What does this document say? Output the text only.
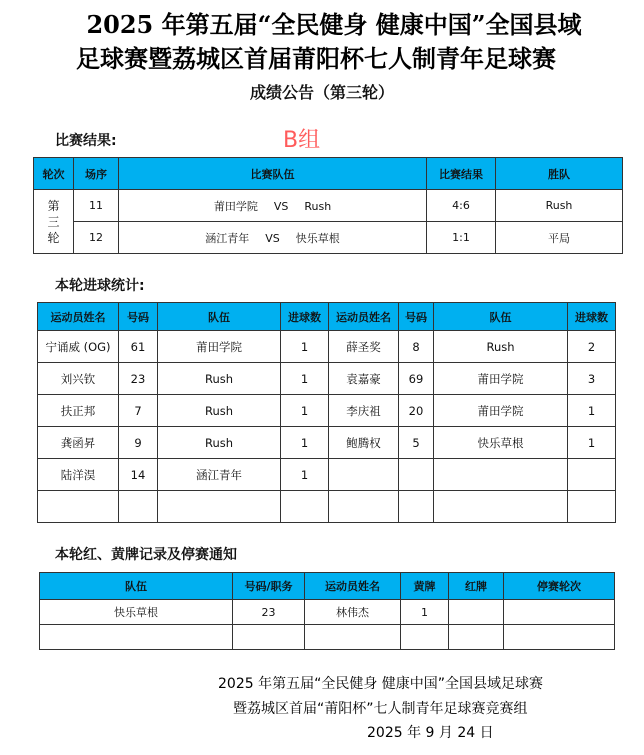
2025 年第五届“全民健身 健康中国”全国县域
足球赛暨荔城区首届莆阳杯七人制青年足球赛
成绩公告（第三轮）
比赛结果:	B组
轮次	场序	比赛队伍	比赛结果	胜队

第
三
轮	11	莆田学院 VS Rush	4:6	Rush
	12	涵江青年 VS 快乐草根	1:1	平局
本轮进球统计:
运动员姓名	号码	队伍	进球数	运动员姓名	号码	队伍	进球数
宁诵威 (OG)	61	莆田学院	1	薛圣奖	8	Rush	2
刘兴钦	23	Rush	1	袁嘉豪	69	莆田学院	3
扶正邦	7	Rush	1	李庆祖	20	莆田学院	1
龚函昇	9	Rush	1	鲍腾权	5	快乐草根	1
陆洋淏	14	涵江青年	1				

本轮红、黄牌记录及停赛通知
队伍	号码/职务	运动员姓名	黄牌	红牌	停赛轮次
快乐草根	23	林伟杰	1		

2025 年第五届“全民健身 健康中国”全国县域足球赛
暨荔城区首届“莆阳杯”七人制青年足球赛竞赛组
2025 年 9 月 24 日
